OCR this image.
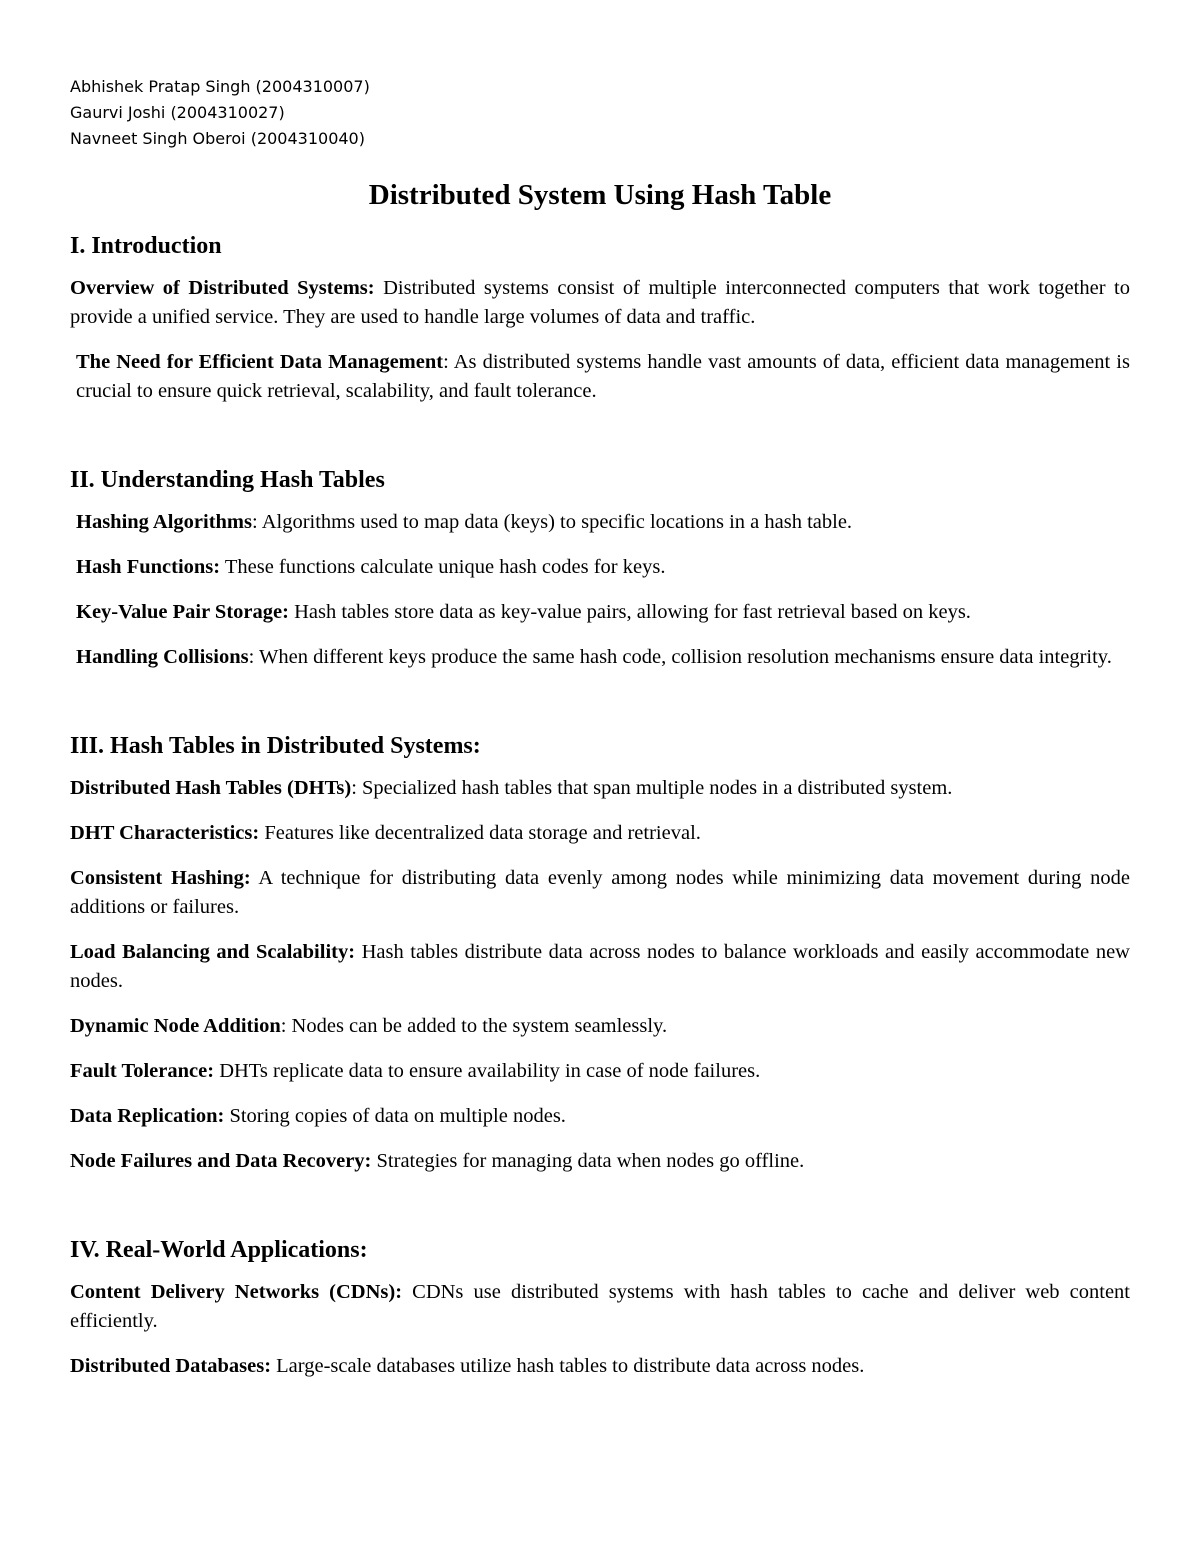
Abhishek Pratap Singh (2004310007)
Gaurvi Joshi (2004310027)
Navneet Singh Oberoi (2004310040)
Distributed System Using Hash Table
I. Introduction

Overview of Distributed Systems: Distributed systems consist of multiple interconnected computers that work together to provide a unified service. They are used to handle large volumes of data and traffic.

The Need for Efficient Data Management: As distributed systems handle vast amounts of data, efficient data management is crucial to ensure quick retrieval, scalability, and fault tolerance.

II. Understanding Hash Tables

Hashing Algorithms: Algorithms used to map data (keys) to specific locations in a hash table.

Hash Functions: These functions calculate unique hash codes for keys.

Key-Value Pair Storage: Hash tables store data as key-value pairs, allowing for fast retrieval based on keys.

Handling Collisions: When different keys produce the same hash code, collision resolution mechanisms ensure data integrity.

III. Hash Tables in Distributed Systems:

Distributed Hash Tables (DHTs): Specialized hash tables that span multiple nodes in a distributed system.

DHT Characteristics: Features like decentralized data storage and retrieval.

Consistent Hashing: A technique for distributing data evenly among nodes while minimizing data movement during node additions or failures.

Load Balancing and Scalability: Hash tables distribute data across nodes to balance workloads and easily accommodate new nodes.

Dynamic Node Addition: Nodes can be added to the system seamlessly.

Fault Tolerance: DHTs replicate data to ensure availability in case of node failures.

Data Replication: Storing copies of data on multiple nodes.

Node Failures and Data Recovery: Strategies for managing data when nodes go offline.

IV. Real-World Applications:

Content Delivery Networks (CDNs): CDNs use distributed systems with hash tables to cache and deliver web content efficiently.

Distributed Databases: Large-scale databases utilize hash tables to distribute data across nodes.
